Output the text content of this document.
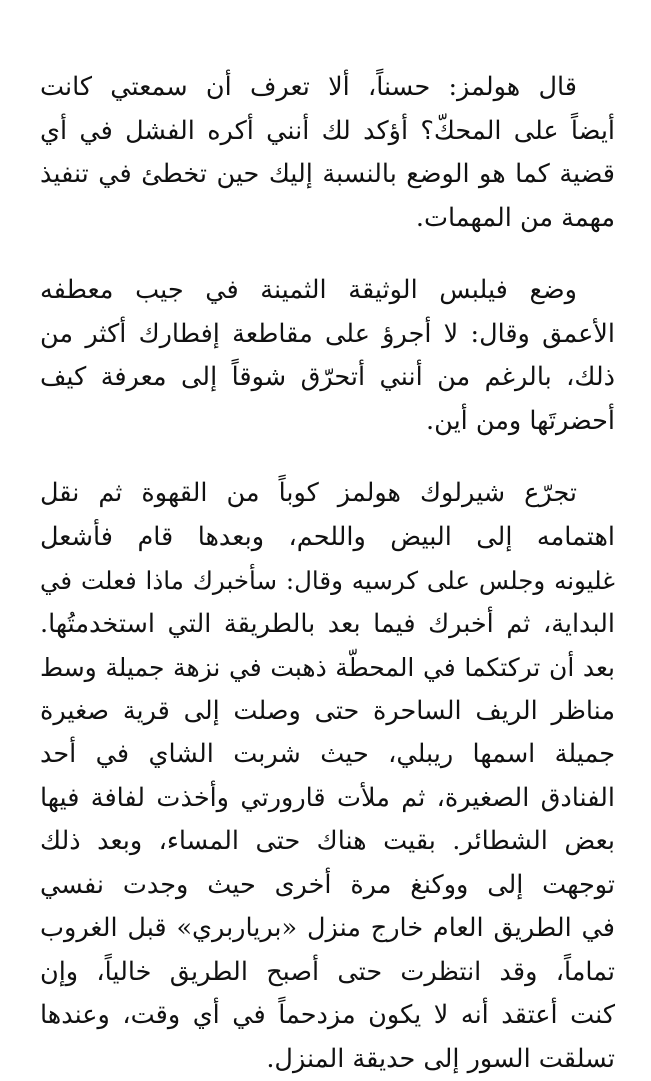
قال هولمز: حسناً، ألا تعرف أن سمعتي كانت
أيضاً على المحكّ؟ أؤكد لك أنني أكره الفشل في أي
قضية كما هو الوضع بالنسبة إليك حين تخطئ في تنفيذ
مهمة من المهمات.
وضع فيلبس الوثيقة الثمينة في جيب معطفه
الأعمق وقال: لا أجرؤ على مقاطعة إفطارك أكثر من
ذلك، بالرغم من أنني أتحرّق شوقاً إلى معرفة كيف
أحضرتَها ومن أين.
تجرّع شيرلوك هولمز كوباً من القهوة ثم نقل
اهتمامه إلى البيض واللحم، وبعدها قام فأشعل
غليونه وجلس على كرسيه وقال: سأخبرك ماذا فعلت في
البداية، ثم أخبرك فيما بعد بالطريقة التي استخدمتُها.
بعد أن تركتكما في المحطّة ذهبت في نزهة جميلة وسط
مناظر الريف الساحرة حتى وصلت إلى قرية صغيرة
جميلة اسمها ريبلي، حيث شربت الشاي في أحد
الفنادق الصغيرة، ثم ملأت قارورتي وأخذت لفافة فيها
بعض الشطائر. بقيت هناك حتى المساء، وبعد ذلك
توجهت إلى ووكنغ مرة أخرى حيث وجدت نفسي
في الطريق العام خارج منزل «برياربري» قبل الغروب
تماماً، وقد انتظرت حتى أصبح الطريق خالياً، وإن
كنت أعتقد أنه لا يكون مزدحماً في أي وقت، وعندها
تسلقت السور إلى حديقة المنزل.
